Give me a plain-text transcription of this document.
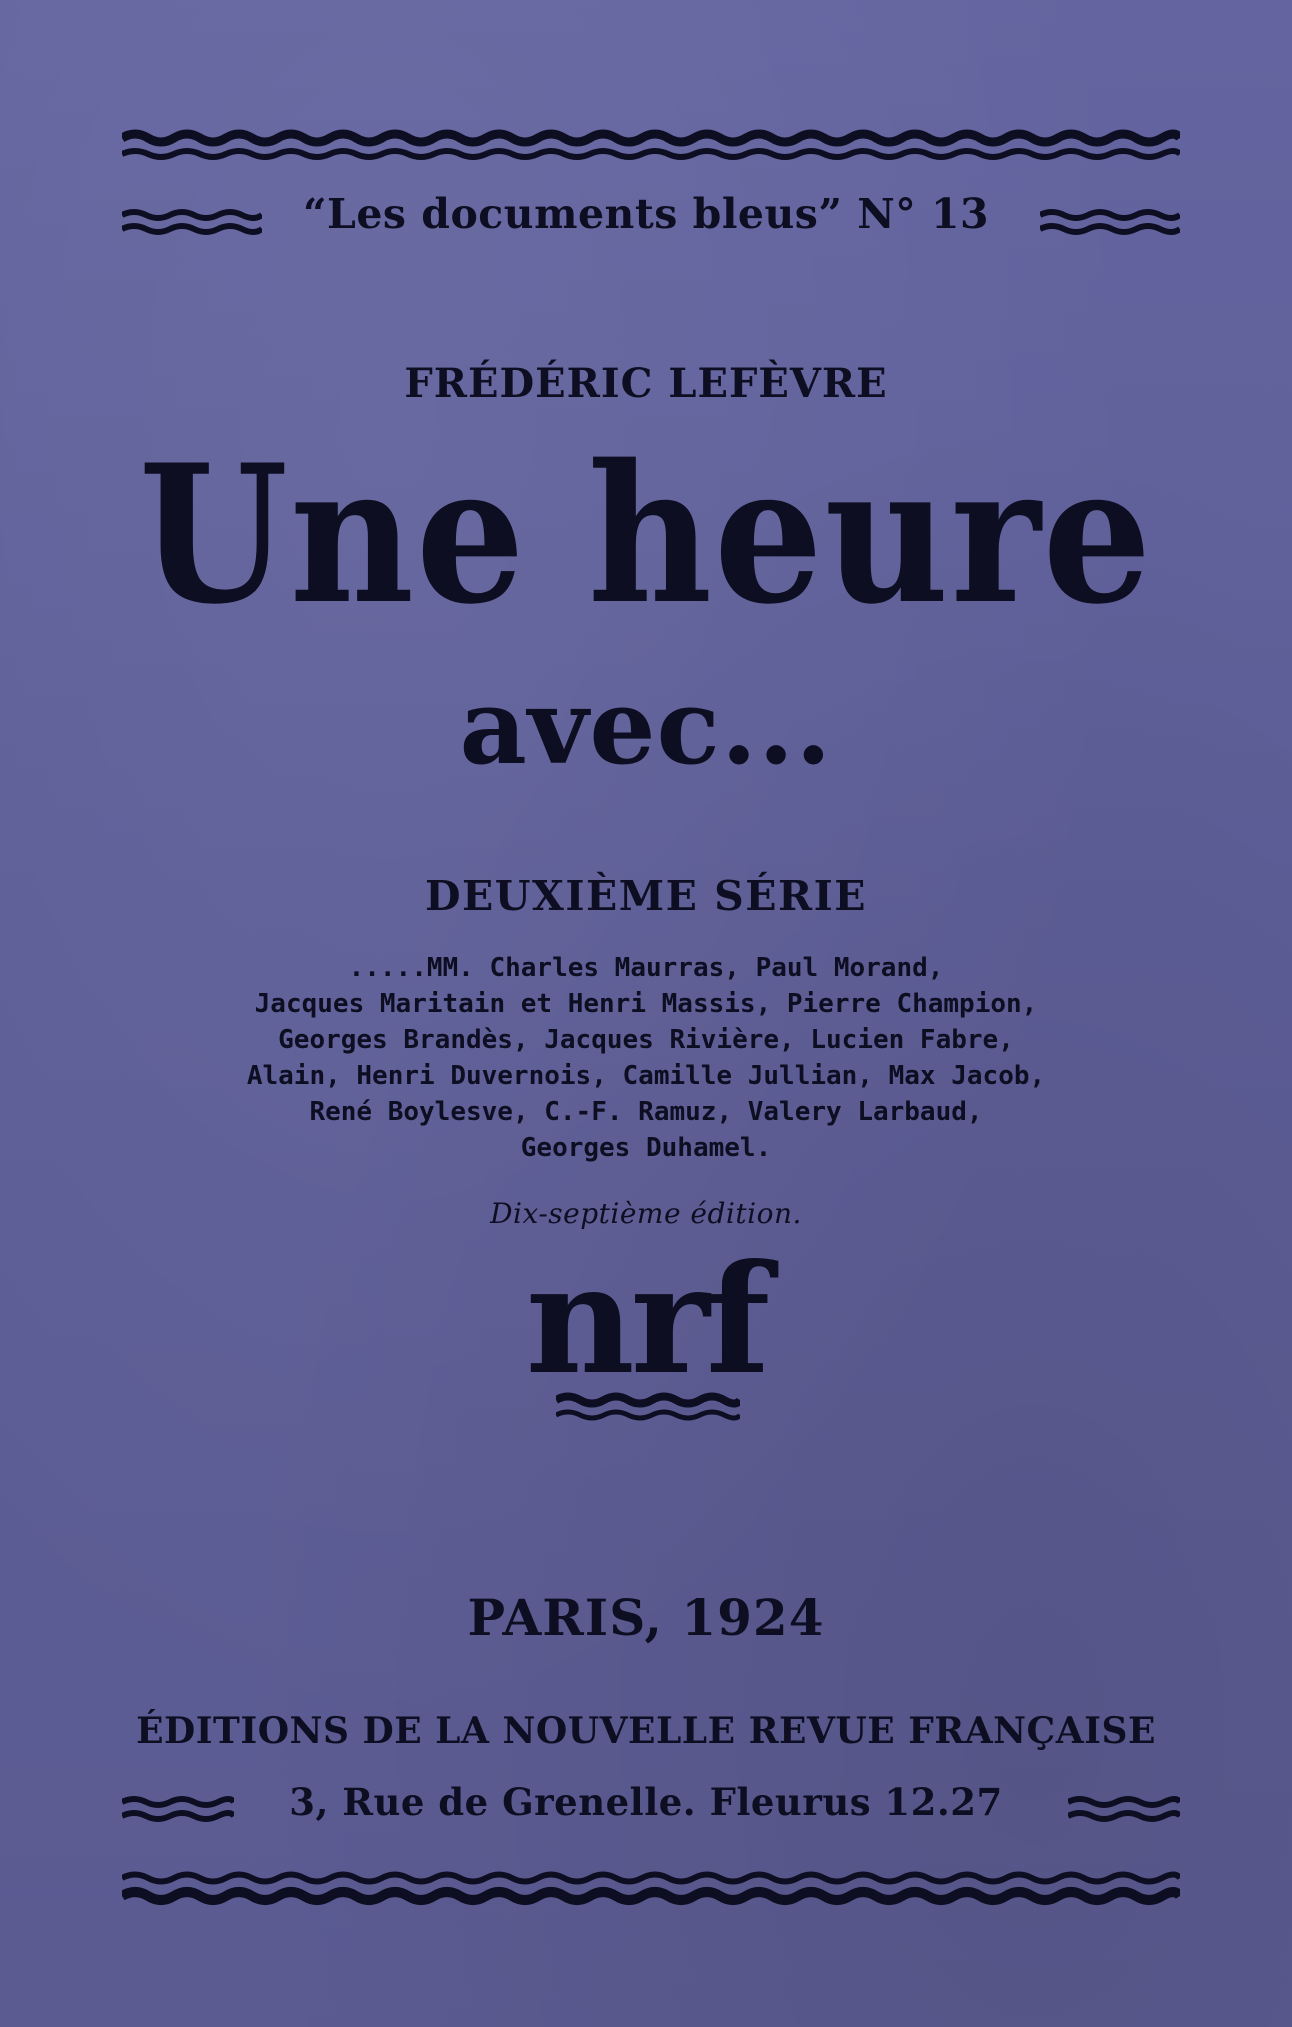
“Les documents bleus” N° 13
FRÉDÉRIC LEFÈVRE
Une heure
avec...
DEUXIÈME SÉRIE
.....MM. Charles Maurras, Paul Morand,
Jacques Maritain et Henri Massis, Pierre Champion,
Georges Brandès, Jacques Rivière, Lucien Fabre,
Alain, Henri Duvernois, Camille Jullian, Max Jacob,
René Boylesve, C.-F. Ramuz, Valery Larbaud,
Georges Duhamel.
Dix-septième édition.
nrf
PARIS, 1924
ÉDITIONS DE LA NOUVELLE REVUE FRANÇAISE
3, Rue de Grenelle. Fleurus 12.27
